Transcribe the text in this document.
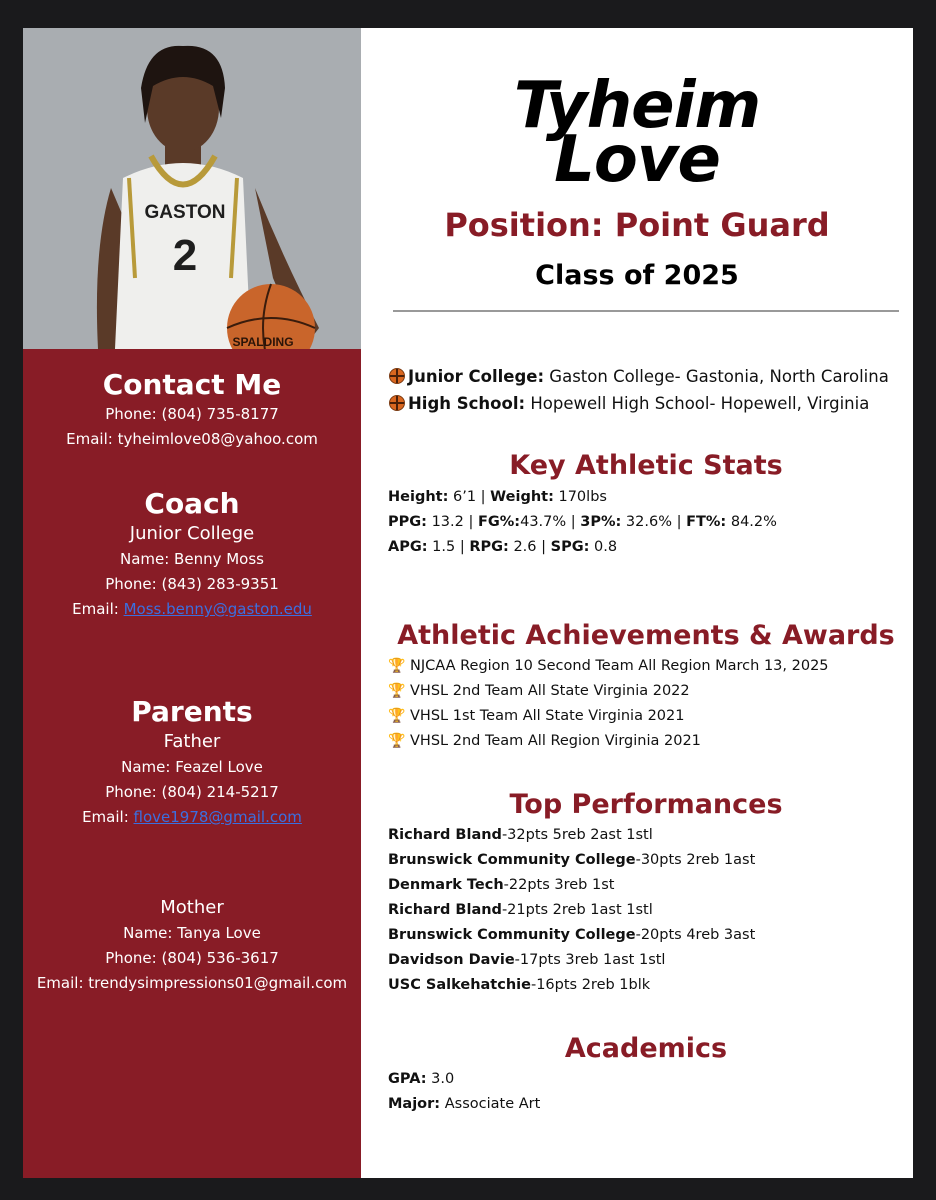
GASTON
2
SPALDING
Contact Me
Phone: (804) 735-8177
Email: tyheimlove08@yahoo.com
Coach
Junior College
Name: Benny Moss
Phone: (843) 283-9351
Email: Moss.benny@gaston.edu
Parents
Father
Name: Feazel Love
Phone: (804) 214-5217
Email: flove1978@gmail.com
Mother
Name: Tanya Love
Phone: (804) 536-3617
Email: trendysimpressions01@gmail.com
Tyheim
Love
Position: Point Guard
Class of 2025
Junior College: Gaston College- Gastonia, North Carolina
High School: Hopewell High School- Hopewell, Virginia
Key Athletic Stats
Height: 6’1 | Weight: 170lbs
PPG: 13.2 | FG%:43.7% | 3P%: 32.6% | FT%: 84.2%
APG: 1.5 | RPG: 2.6 | SPG: 0.8
Athletic Achievements & Awards
🏆 NJCAA Region 10 Second Team All Region March 13, 2025
🏆 VHSL 2nd Team All State Virginia 2022
🏆 VHSL 1st Team All State Virginia 2021
🏆 VHSL 2nd Team All Region Virginia 2021
Top Performances
Richard Bland-32pts 5reb 2ast 1stl
Brunswick Community College-30pts 2reb 1ast
Denmark Tech-22pts 3reb 1st
Richard Bland-21pts 2reb 1ast 1stl
Brunswick Community College-20pts 4reb 3ast
Davidson Davie-17pts 3reb 1ast 1stl
USC Salkehatchie-16pts 2reb 1blk
Academics
GPA: 3.0
Major: Associate Art
